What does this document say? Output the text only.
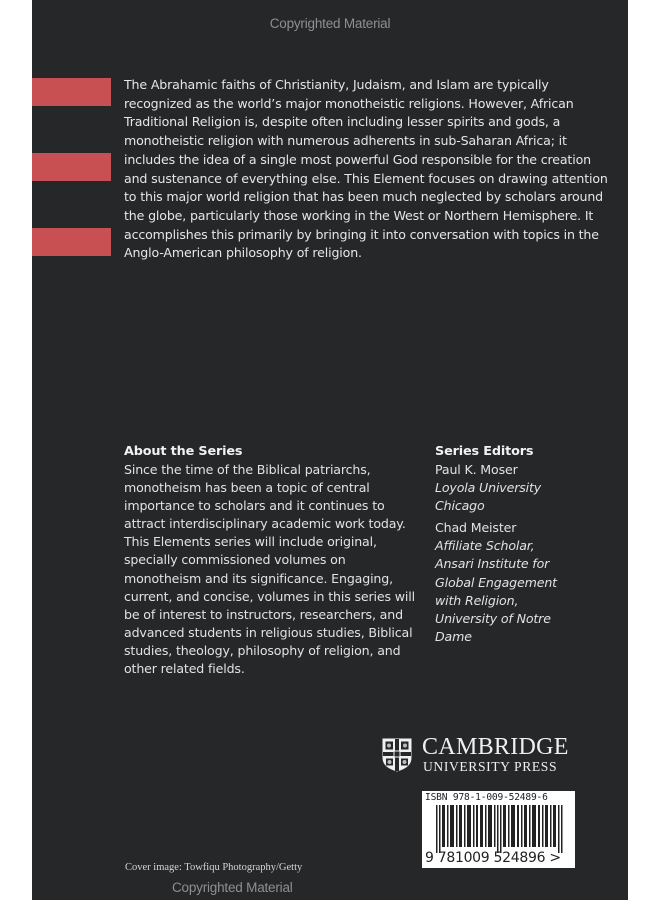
Copyrighted Material
The Abrahamic faiths of Christianity, Judaism, and Islam are typically recognized as the world’s major monotheistic religions. However, African Traditional Religion is, despite often including lesser spirits and gods, a monotheistic religion with numerous adherents in sub-Saharan Africa; it includes the idea of a single most powerful God responsible for the creation and sustenance of everything else. This Element focuses on drawing attention to this major world religion that has been much neglected by scholars around the globe, particularly those working in the West or Northern Hemisphere. It accomplishes this primarily by bringing it into conversation with topics in the Anglo-American philosophy of religion.
About the Series
Since the time of the Biblical patriarchs, monotheism has been a topic of central importance to scholars and it continues to attract interdisciplinary academic work today. This Elements series will include original, specially commissioned volumes on monotheism and its significance. Engaging, current, and concise, volumes in this series will be of interest to instructors, researchers, and advanced students in religious studies, Biblical studies, theology, philosophy of religion, and other related fields.
Series Editors
Paul K. Moser
Loyola University Chicago
Chad Meister
Affiliate Scholar, Ansari Institute for Global Engagement with Religion, University of Notre Dame
CAMBRIDGE
UNIVERSITY PRESS
ISBN 978-1-009-52489-6
9 781009 524896 >
Cover image: Towfiqu Photography/Getty
Copyrighted Material
